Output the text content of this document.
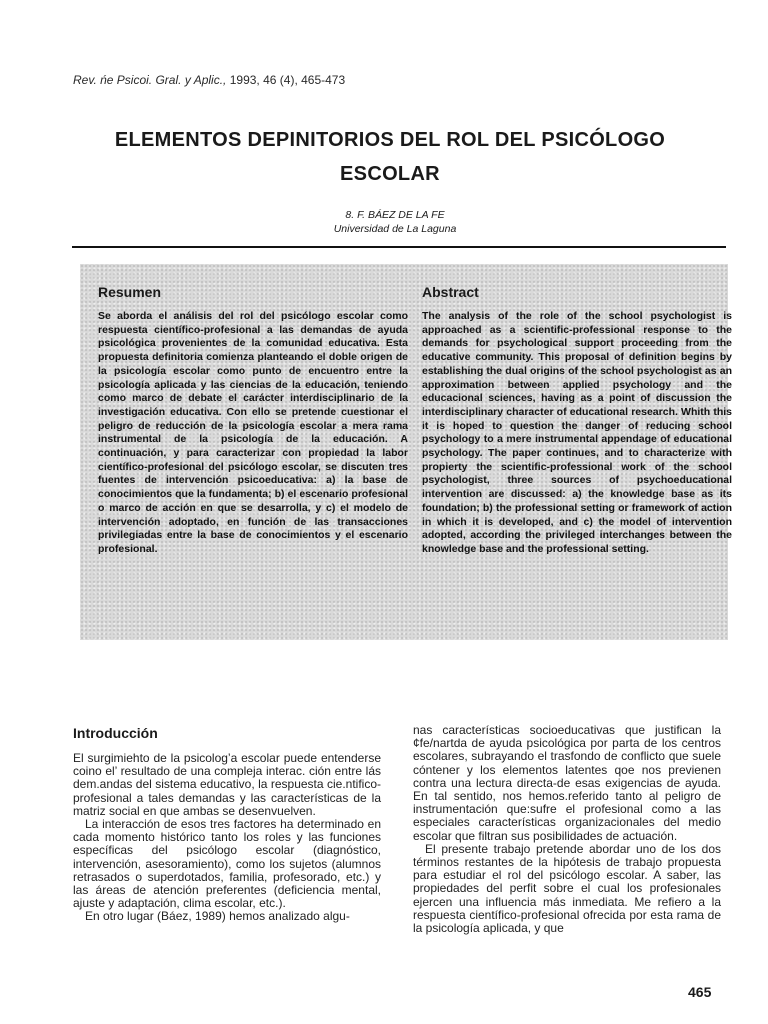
Rev. ńe Psicoi. Gral. y Aplic., 1993, 46 (4), 465-473
ELEMENTOS DEPINITORIOS DEL ROL DEL PSICÓLOGO
ESCOLAR
8. F. BÁEZ DE LA FE
Universidad de La Laguna
Resumen
Se aborda el análisis del rol del psicólogo escolar como respuesta científico-profesional a las demandas de ayuda psicológica provenientes de la comunidad educativa. Esta propuesta definitoria comienza planteando el doble origen de la psicología escolar como punto de encuentro entre la psicología aplicada y las ciencias de la educación, teniendo como marco de debate el carácter interdisciplinario de la investigación educativa. Con ello se pretende cuestionar el peligro de reducción de la psicología escolar a mera rama instrumental de la psicología de la educación. A continuación, y para caracterizar con propiedad la labor científico-profesional del psicólogo escolar, se discuten tres fuentes de intervención psicoeducativa: a) la base de conocimientos que la fundamenta; b) el escenario profesional o marco de acción en que se desarrolla, y c) el modelo de intervención adoptado, en función de las transacciones privilegiadas entre la base de conocimientos y el escenario profesional.
Abstract
The analysis of the role of the school psychologist is approached as a scientific-professional response to the demands for psychological support proceeding from the educative community. This proposal of definition begins by establishing the dual origins of the school psychologist as an approximation between applied psychology and the educacional sciences, having as a point of discussion the interdisciplinary character of educational research. Whith this it is hoped to question the danger of reducing school psychology to a mere instrumental appendage of educational psychology. The paper continues, and to characterize with propierty the scientific-professional work of the school psychologist, three sources of psychoeducational intervention are discussed: a) the knowledge base as its foundation; b) the professional setting or framework of action in which it is developed, and c) the model of intervention adopted, according the privileged interchanges between the knowledge base and the professional setting.
Introducción

El surgimiehto de la psicolog’a escolar puede entenderse coino el’ resultado de una compleja interac. ción entre lás dem.andas del sistema educativo, la respuesta cie.ntifico-profesional a tales demandas y las características de la matriz social en que ambas se desenvuelven.

La interacción de esos tres factores ha determinado en cada momento histórico tanto los roles y las funciones específicas del psicólogo escolar (diagnóstico, intervención, asesoramiento), como los sujetos (alumnos retrasados o superdotados, familia, profesorado, etc.) y las áreas de atención preferentes (deficiencia mental, ajuste y adaptación, clima escolar, etc.).

En otro lugar (Báez, 1989) hemos analizado algu-

nas características socioeducativas que justifican la ¢fe/nartda de ayuda psicológica por parta de los centros escolares, subrayando el trasfondo de conflicto que suele cóntener y los elementos latentes qoe nos previenen contra una lectura directa-de esas exigencias de ayuda. En tal sentido, nos hemos.referido tanto al peligro de instrumentación que:sufre el profesional como a las especiales características organizacionales del medio escolar que filtran sus posibilidades de actuación.

El presente trabajo pretende abordar uno de los dos términos restantes de la hipótesis de trabajo propuesta para estudiar el rol del psicólogo escolar. A saber, las propiedades del perfit sobre el cual los profesionales ejercen una influencia más inmediata. Me refiero a la respuesta científico-profesional ofrecida por esta rama de la psicología aplicada, y que

465
